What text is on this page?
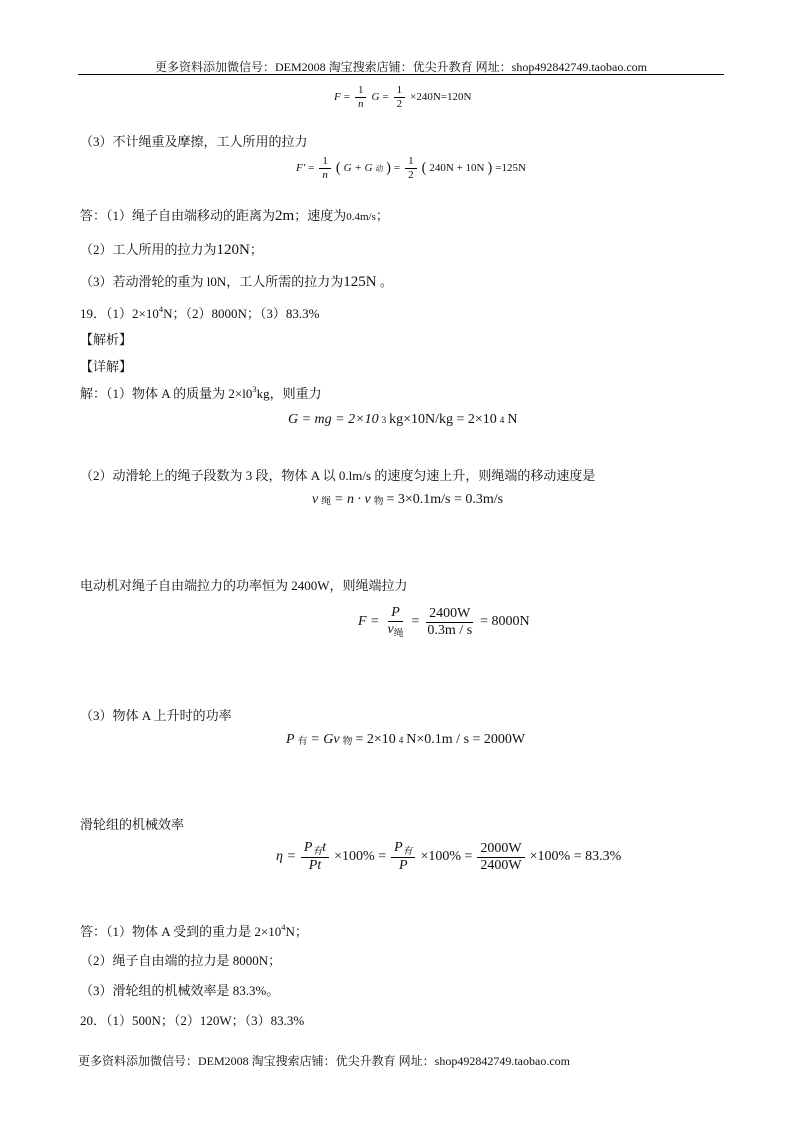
更多资料添加微信号：DEM2008 淘宝搜索店铺：优尖升教育 网址：shop492842749.taobao.com
$F = \frac{1}{n}$ $G = \frac{1}{2} \times 240N=120N$
（3）不计绳重及摩擦，工人所用的拉力
$F' = \frac{1}{n}$ ( G + G 动 ) = $\frac{1}{2}$ ( 240N + 10N ) =125N
答：（1）绳子自由端移动的距离为2m；速度为0.4m/s；
（2）工人所用的拉力为120N；
（3）若动滑轮的重为 l0N，工人所需的拉力为125N 。
19．$(1)2\times 10^4N$；（2）8000N；（3）83.3%
【解析】
【详解】
解：（1）物体 A 的质量为 $2\times l0^3kg$，则重力
G = mg = 2×10 3 kg×10N/kg = 2×10 4 N
（2）动滑轮上的绳子段数为 3 段，物体 A 以 0.lm/s 的速度匀速上升，则绳端的移动速度是
v 绳 = n · v 物 = 3×0.1m/s = 0.3m/s
电动机对绳子自由端拉力的功率恒为 2400W，则绳端拉力
$F = \frac{P}{v_绳} = \frac{2400W}{0.3m / s} = 8000N$
（3）物体 A 上升时的功率
P 有 = Gv 物 = 2×10 4 N×0.1m / s = 2000W
滑轮组的机械效率
$\eta = \frac{P_有t}{Pt} \times 100\% = \frac{P_有}{P} \times 100\% = \frac{2000W}{2400W} \times 100\% = 83.3\%$
答：（1）物体 A 受到的重力是 $2\times 10^4N$；
（2）绳子自由端的拉力是 8000N；
（3）滑轮组的机械效率是 83.3%。
20．（1）500N；（2）120W；（3）83.3%
更多资料添加微信号：DEM2008 淘宝搜索店铺：优尖升教育 网址：shop492842749.taobao.com
